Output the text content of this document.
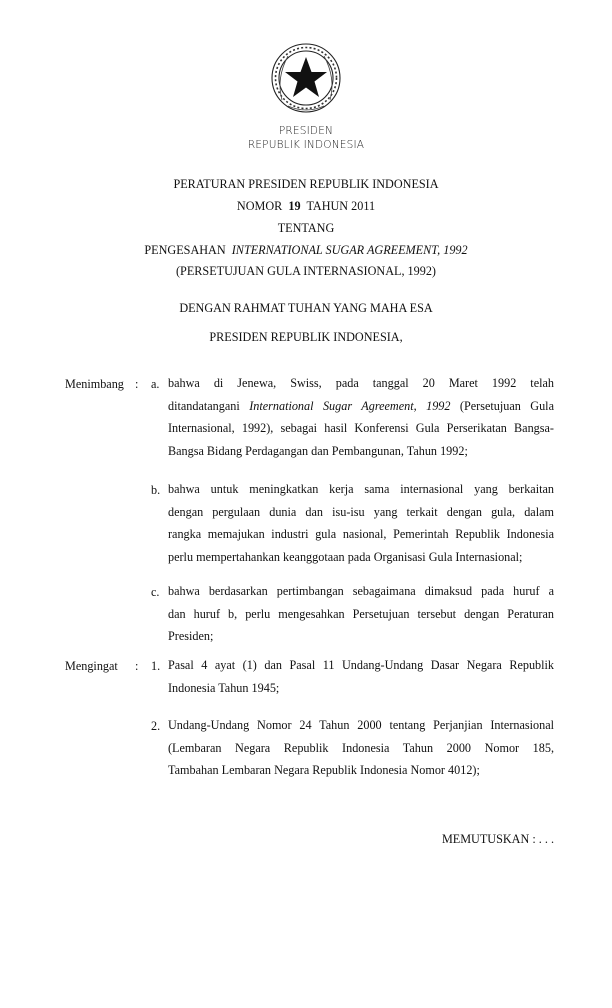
PRESIDEN
REPUBLIK INDONESIA
PERATURAN PRESIDEN REPUBLIK INDONESIA
NOMOR 19 TAHUN 2011
TENTANG
PENGESAHAN INTERNATIONAL SUGAR AGREEMENT, 1992
(PERSETUJUAN GULA INTERNASIONAL, 1992)
DENGAN RAHMAT TUHAN YANG MAHA ESA
PRESIDEN REPUBLIK INDONESIA,
Menimbang : a. bahwa di Jenewa, Swiss, pada tanggal 20 Maret 1992 telah
ditandatangani International Sugar Agreement, 1992 (Persetujuan Gula
Internasional, 1992), sebagai hasil Konferensi Gula Perserikatan Bangsa-
Bangsa Bidang Perdagangan dan Pembangunan, Tahun 1992;
b. bahwa untuk meningkatkan kerja sama internasional yang berkaitan
dengan pergulaan dunia dan isu-isu yang terkait dengan gula, dalam
rangka memajukan industri gula nasional, Pemerintah Republik Indonesia
perlu mempertahankan keanggotaan pada Organisasi Gula Internasional;
c. bahwa berdasarkan pertimbangan sebagaimana dimaksud pada huruf a
dan huruf b, perlu mengesahkan Persetujuan tersebut dengan Peraturan
Presiden;
Mengingat : 1. Pasal 4 ayat (1) dan Pasal 11 Undang-Undang Dasar Negara Republik
Indonesia Tahun 1945;
2. Undang-Undang Nomor 24 Tahun 2000 tentang Perjanjian Internasional
(Lembaran Negara Republik Indonesia Tahun 2000 Nomor 185,
Tambahan Lembaran Negara Republik Indonesia Nomor 4012);
MEMUTUSKAN : . . .
